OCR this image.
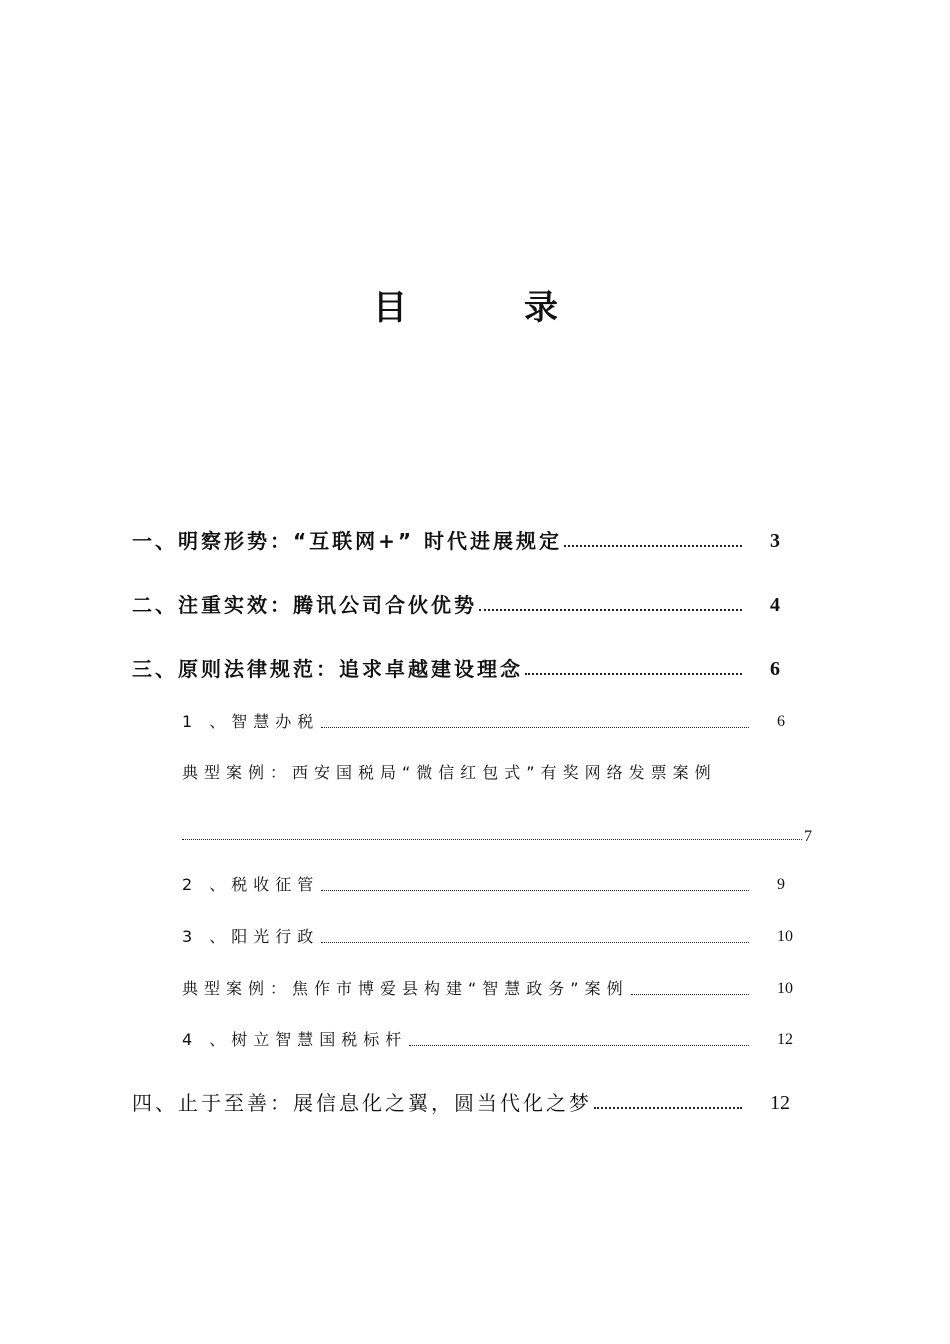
目	录
一、明察形势：“互联网+” 时代进展规定	3
二、注重实效：腾讯公司合伙优势	4
三、原则法律规范：追求卓越建设理念	6
1 、智慧办税	6
典型案例：西安国税局“微信红包式”有奖网络发票案例
7
2 、税收征管	9
3 、阳光行政	10
典型案例：焦作市博爱县构建“智慧政务”案例	10
4 、树立智慧国税标杆	12
四、止于至善：展信息化之翼，圆当代化之梦	12
